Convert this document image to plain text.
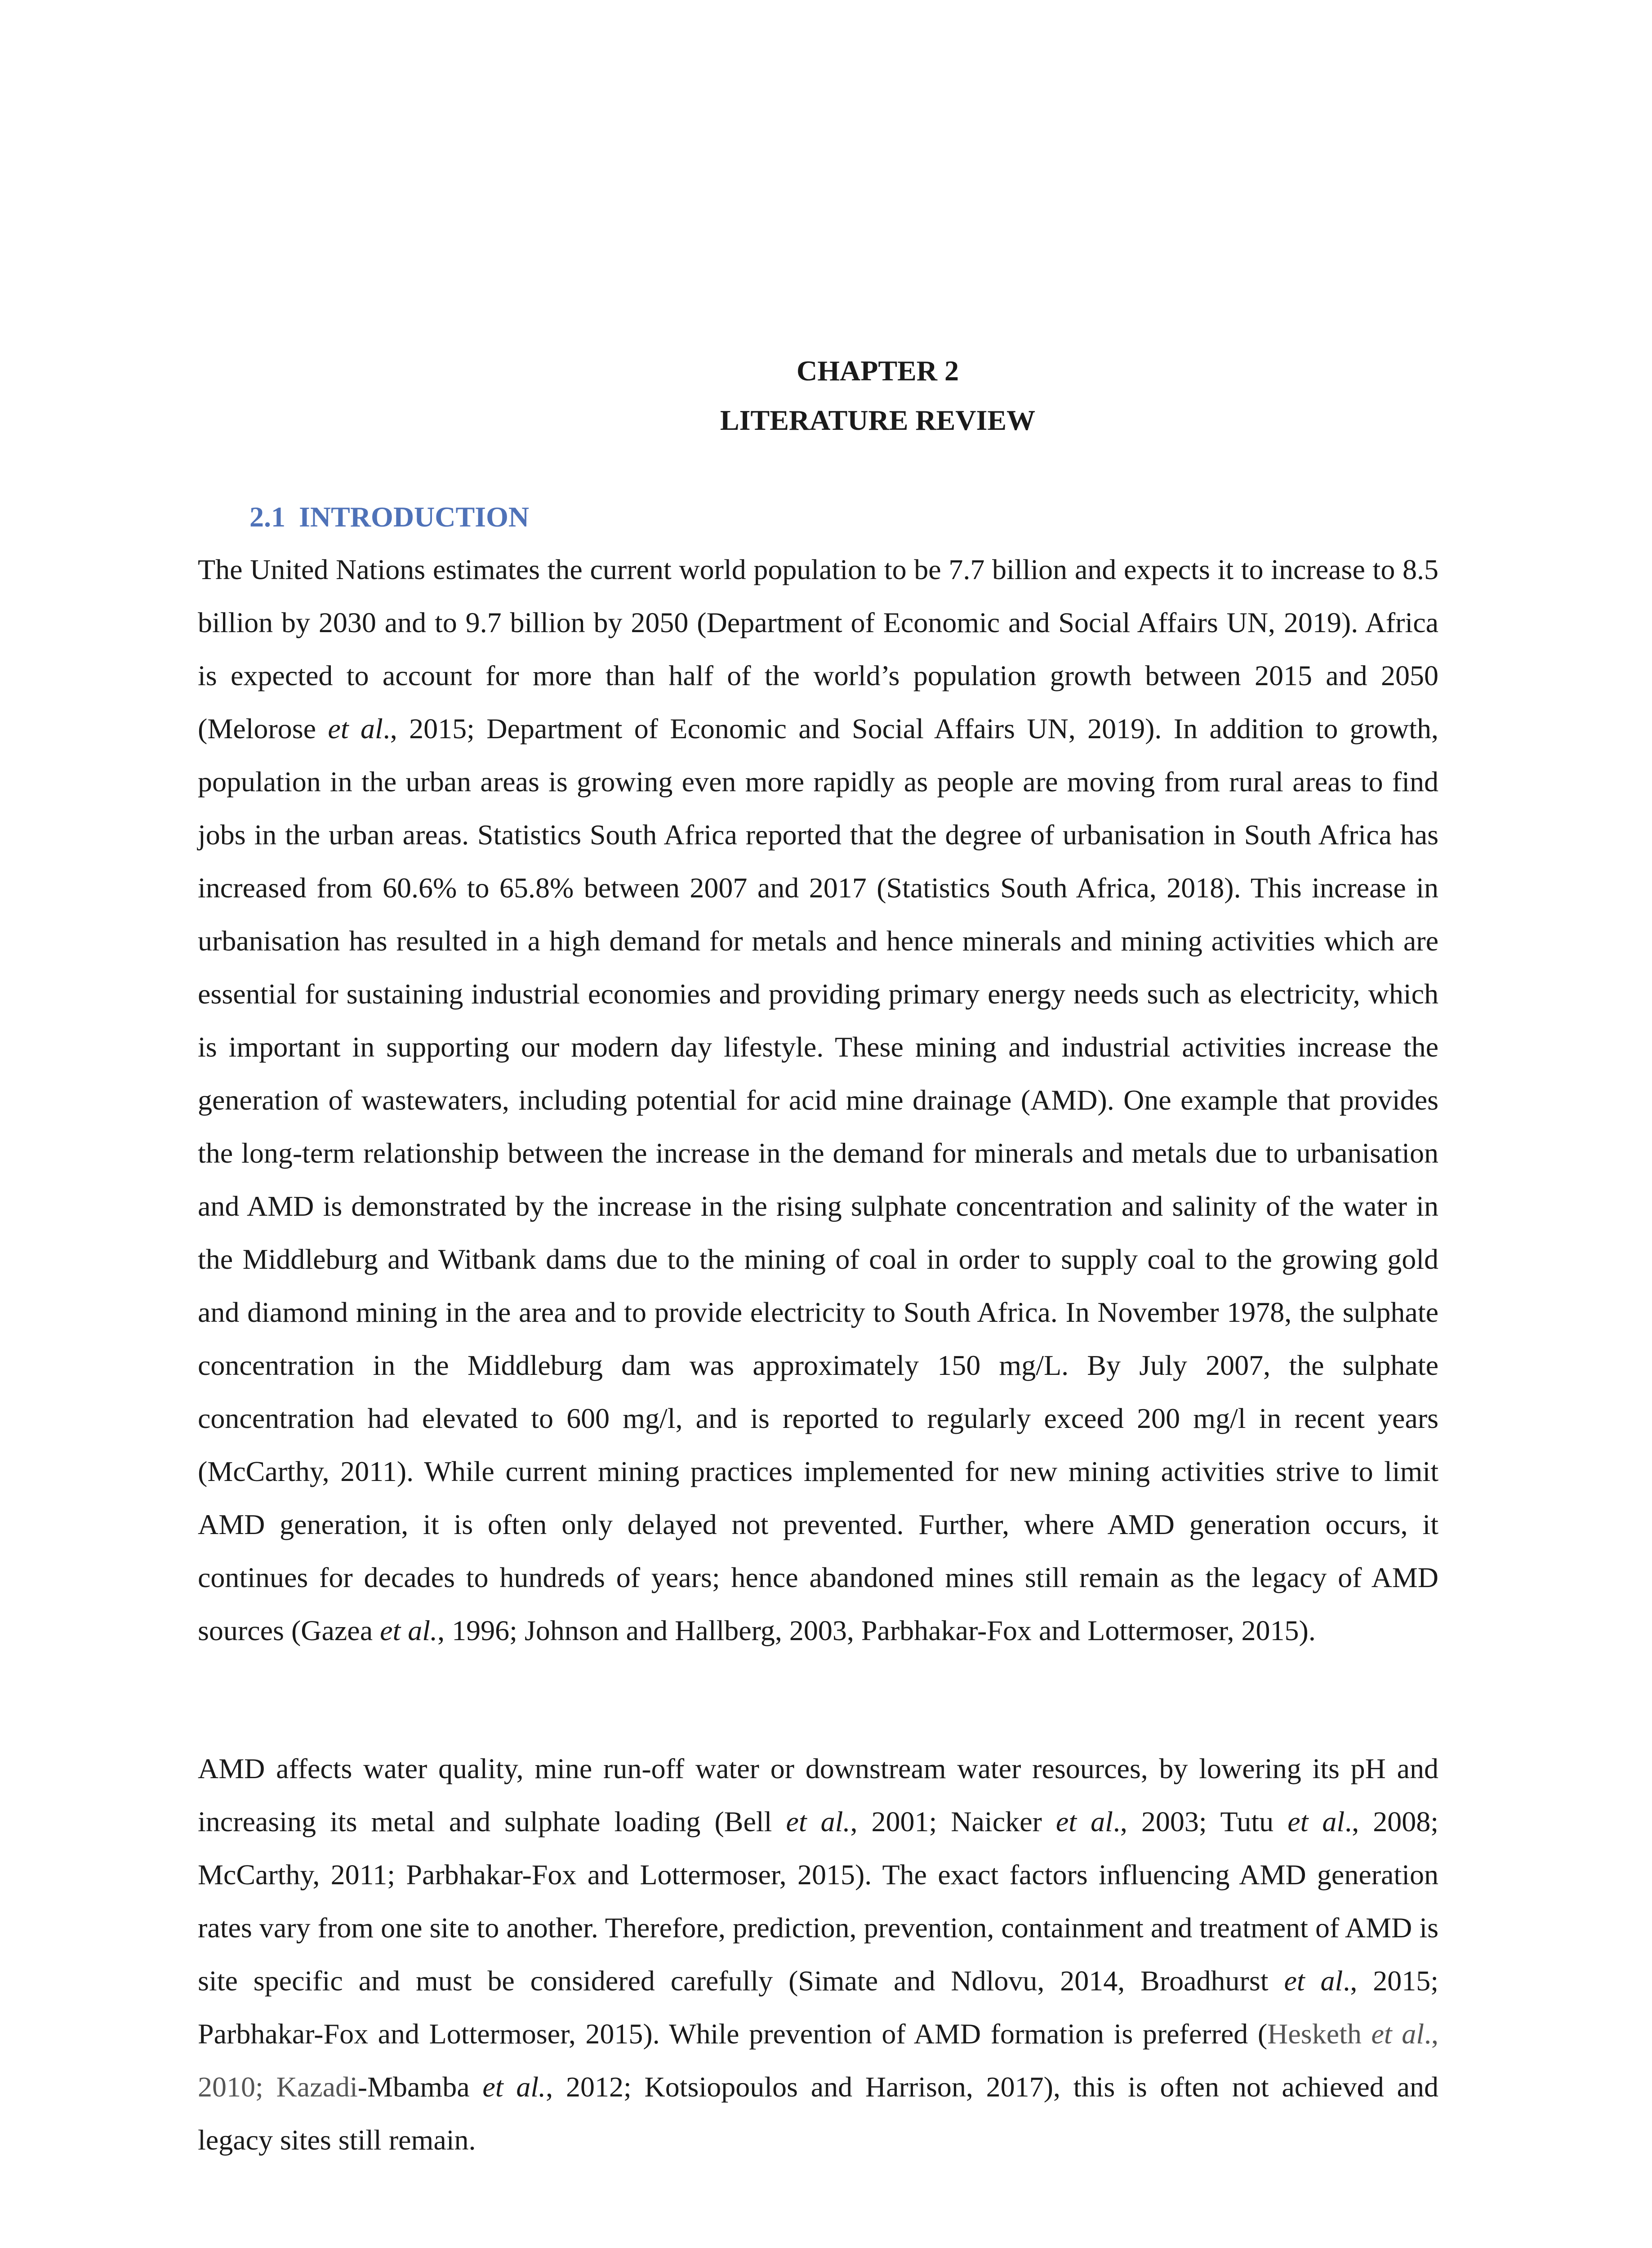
CHAPTER 2
LITERATURE REVIEW
2.1 INTRODUCTION

The United Nations estimates the current world population to be 7.7 billion and expects it to increase to 8.5 billion by 2030 and to 9.7 billion by 2050 (Department of Economic and Social Affairs UN, 2019). Africa is expected to account for more than half of the world’s population growth between 2015 and 2050 (Melorose et al., 2015; Department of Economic and Social Affairs UN, 2019). In addition to growth, population in the urban areas is growing even more rapidly as people are moving from rural areas to find jobs in the urban areas. Statistics South Africa reported that the degree of urbanisation in South Africa has increased from 60.6% to 65.8% between 2007 and 2017 (Statistics South Africa, 2018). This increase in urbanisation has resulted in a high demand for metals and hence minerals and mining activities which are essential for sustaining industrial economies and providing primary energy needs such as electricity, which is important in supporting our modern day lifestyle. These mining and industrial activities increase the generation of wastewaters, including potential for acid mine drainage (AMD). One example that provides the long-term relationship between the increase in the demand for minerals and metals due to urbanisation and AMD is demonstrated by the increase in the rising sulphate concentration and salinity of the water in the Middleburg and Witbank dams due to the mining of coal in order to supply coal to the growing gold and diamond mining in the area and to provide electricity to South Africa. In November 1978, the sulphate concentration in the Middleburg dam was approximately 150 mg/L. By July 2007, the sulphate concentration had elevated to 600 mg/l, and is reported to regularly exceed 200 mg/l in recent years (McCarthy, 2011). While current mining practices implemented for new mining activities strive to limit AMD generation, it is often only delayed not prevented. Further, where AMD generation occurs, it continues for decades to hundreds of years; hence abandoned mines still remain as the legacy of AMD sources (Gazea et al., 1996; Johnson and Hallberg, 2003, Parbhakar-Fox and Lottermoser, 2015).

AMD affects water quality, mine run-off water or downstream water resources, by lowering its pH and increasing its metal and sulphate loading (Bell et al., 2001; Naicker et al., 2003; Tutu et al., 2008; McCarthy, 2011; Parbhakar-Fox and Lottermoser, 2015). The exact factors influencing AMD generation rates vary from one site to another. Therefore, prediction, prevention, containment and treatment of AMD is site specific and must be considered carefully (Simate and Ndlovu, 2014, Broadhurst et al., 2015; Parbhakar-Fox and Lottermoser, 2015). While prevention of AMD formation is preferred (Hesketh et al., 2010; Kazadi-Mbamba et al., 2012; Kotsiopoulos and Harrison, 2017), this is often not achieved and legacy sites still remain.
